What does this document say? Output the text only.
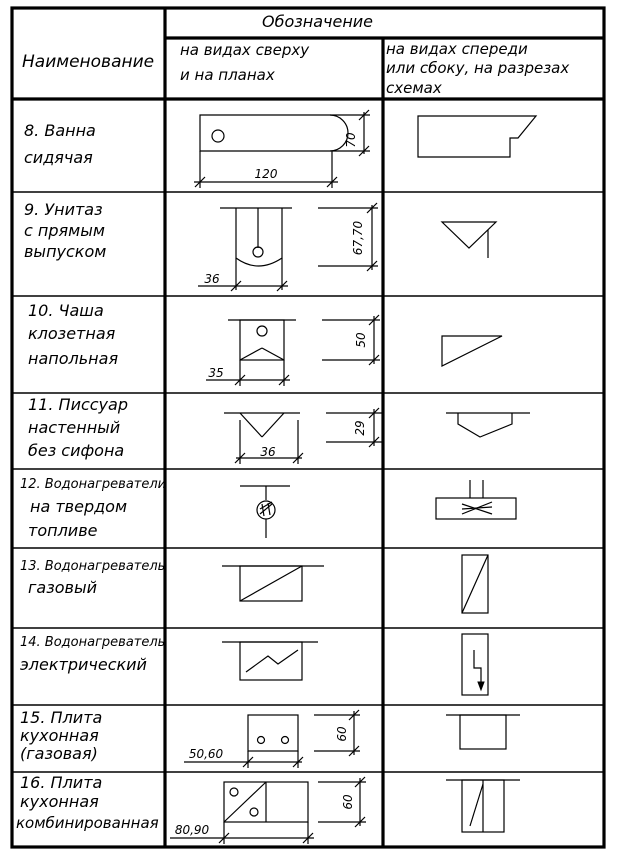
Наименование
Обозначение
на видах сверху
и на планах
на видах спереди
или сбоку, на разрезах
схемах
8. Ванна
сидячая
70
120
9. Унитаз
с прямым
выпуском
36
67,70
10. Чаша
клозетная
напольная
35
50
11. Писсуар
настенный
без сифона	36
29
12. Водонагреватели
на твердом
топливе
13. Водонагреватель
газовый
14. Водонагреватель
электрический
15. Плита
кухонная
(газовая)	50,60
60
16. Плита
кухонная
комбинированная 80,90
60
